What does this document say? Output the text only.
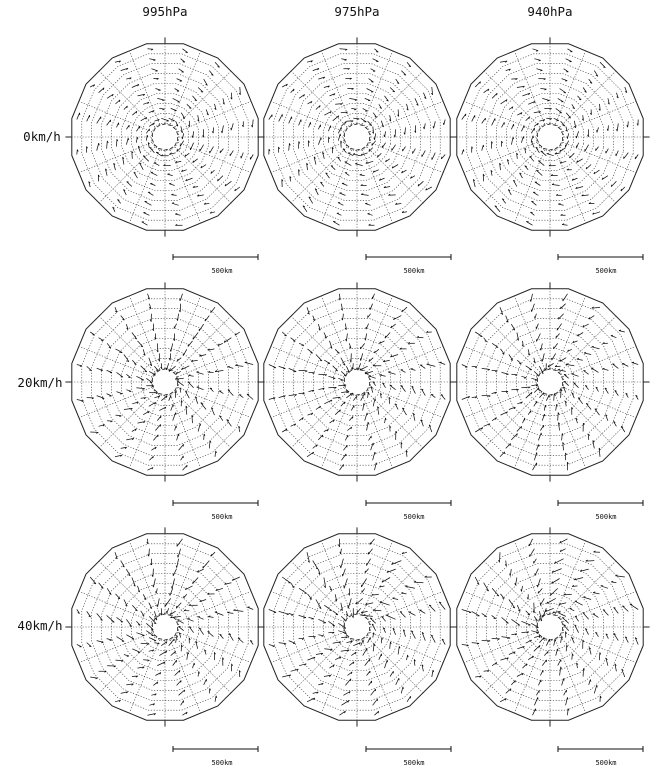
995hPa	975hPa	940hPa
0km/h
20km/h
40km/h
500km	500km	500km
500km	500km	500km
500km	500km	500km
